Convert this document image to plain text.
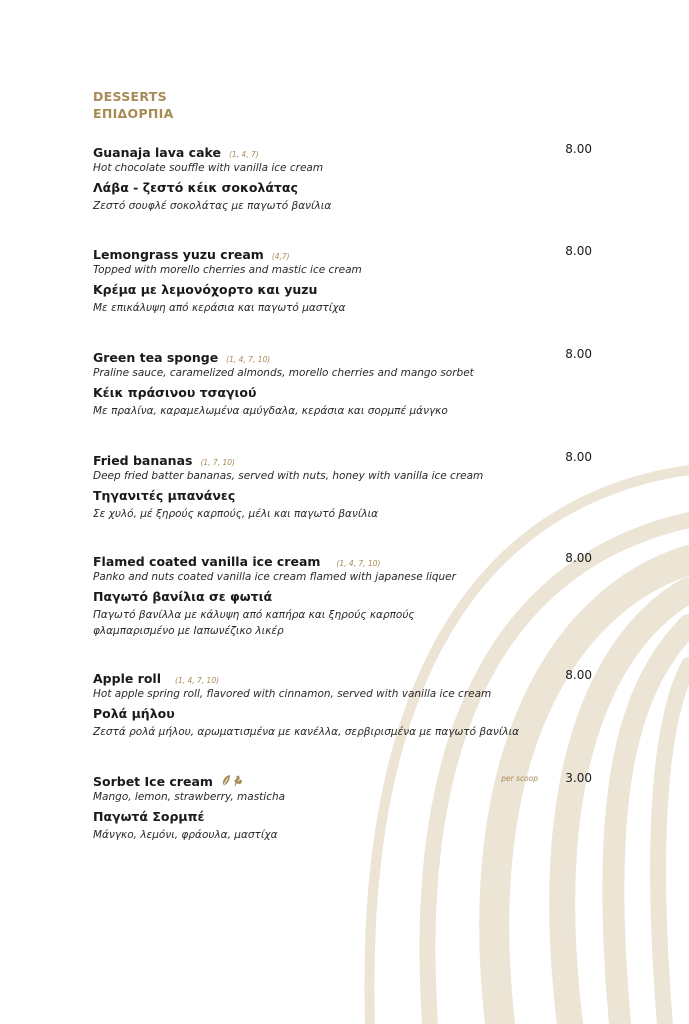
DESSERTS
ΕΠΙΔΟΡΠΙΑ
Guanaja lava cake (1, 4, 7)	8.00
Hot chocolate souffle with vanilla ice cream
Λάβα - ζεστό κέικ σοκολάτας
Ζεστό σουφλέ σοκολάτας με παγωτό βανίλια
Lemongrass yuzu cream (4,7)	8.00
Topped with morello cherries and mastic ice cream
Κρέμα με λεμονόχορτο και yuzu
Με επικάλυψη από κεράσια και παγωτό μαστίχα
Green tea sponge (1, 4, 7, 10)	8.00
Praline sauce, caramelized almonds, morello cherries and mango sorbet
Κέικ πράσινου τσαγιού
Με πραλίνα, καραμελωμένα αμύγδαλα, κεράσια και σορμπέ μάνγκο
Fried bananas (1, 7, 10)	8.00
Deep fried batter bananas, served with nuts, honey with vanilla ice cream
Τηγανιτές μπανάνες
Σε χυλό, μέ ξηρούς καρπούς, μέλι και παγωτό βανίλια
Flamed coated vanilla ice cream (1, 4, 7, 10)	8.00
Panko and nuts coated vanilla ice cream flamed with japanese liquer
Παγωτό βανίλια σε φωτιά
Παγωτό βανίλλα με κάλυψη από καπήρα και ξηρούς καρπούς
φλαμπαρισμένο με Ιαπωνέζικο λικέρ
Apple roll (1, 4, 7, 10)	8.00
Hot apple spring roll, flavored with cinnamon, served with vanilla ice cream
Ρολά μήλου
Ζεστά ρολά μήλου, αρωματισμένα με κανέλλα, σερβιρισμένα με παγωτό βανίλια
Sorbet Ice cream	per scoop 3.00
Mango, lemon, strawberry, masticha
Παγωτά Σορμπέ
Μάνγκο, λεμόνι, φράουλα, μαστίχα
